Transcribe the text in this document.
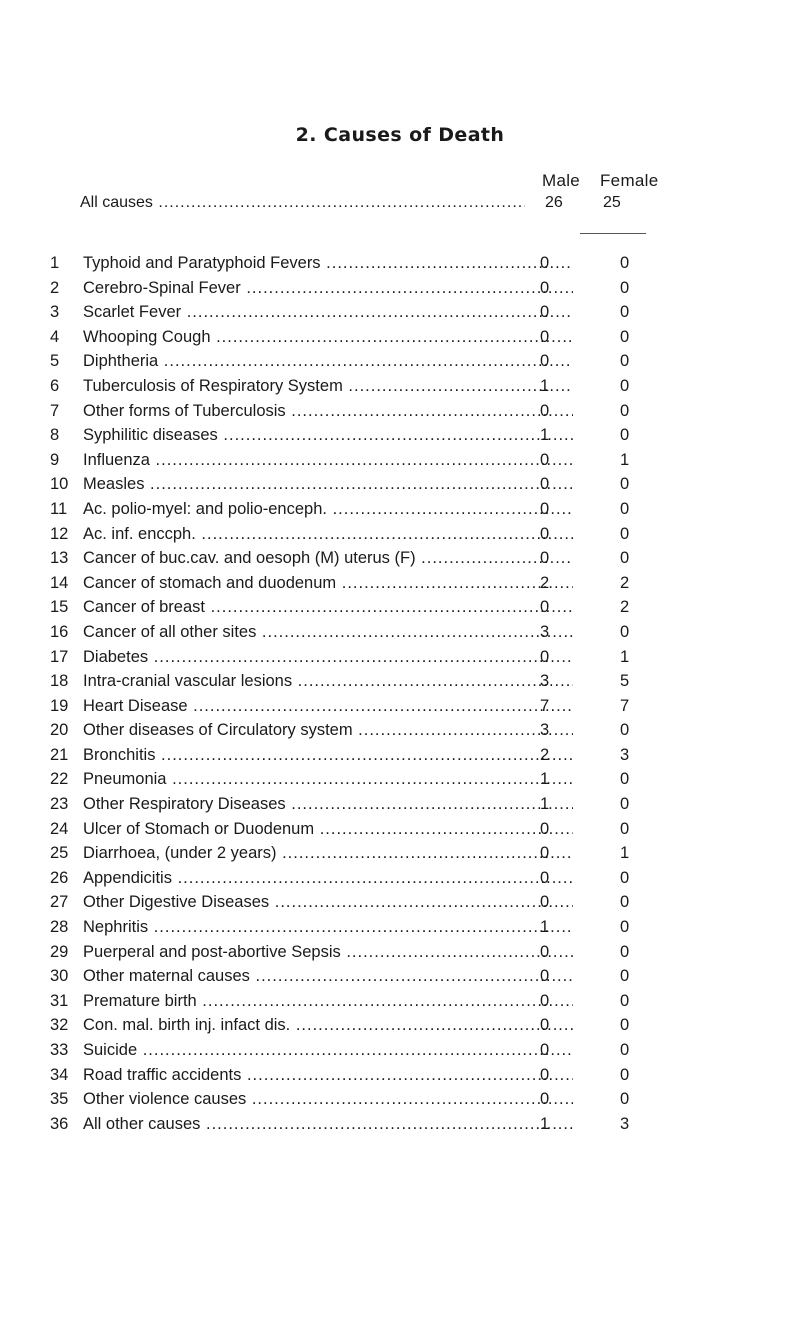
2. Causes of Death
Male Female
All causes .....	26	25
1	Typhoid and Paratyphoid Fevers .....	0	0
2	Cerebro-Spinal Fever .....	0	0
3	Scarlet Fever .....	0	0
4	Whooping Cough .....	0	0
5	Diphtheria .....	0	0
6	Tuberculosis of Respiratory System .....	1	0
7	Other forms of Tuberculosis .....	0	0
8	Syphilitic diseases .....	1	0
9	Influenza .....	0	1
10 Measles .....	0	0
11 Ac. polio-myel: and polio-enceph. .....	0	0
12 Ac. inf. enccph. .....	0	0
13 Cancer of buc.cav. and oesoph (M) uterus (F) .....	0	0
14 Cancer of stomach and duodenum .....	2	2
15 Cancer of breast .....	0	2
16 Cancer of all other sites .....	3	0
17 Diabetes .....	0	1
18 Intra-cranial vascular lesions .....	3	5
19 Heart Disease .....	7	7
20 Other diseases of Circulatory system .....	3	0
21 Bronchitis .....	2	3
22 Pneumonia .....	1	0
23 Other Respiratory Diseases .....	1	0
24 Ulcer of Stomach or Duodenum .....	0	0
25 Diarrhoea, (under 2 years) .....	0	1
26 Appendicitis .....	0	0
27 Other Digestive Diseases .....	0	0
28 Nephritis .....	1	0
29 Puerperal and post-abortive Sepsis .....	0	0
30 Other maternal causes .....	0	0
31 Premature birth .....	0	0
32 Con. mal. birth inj. infact dis. .....	0	0
33 Suicide .....	0	0
34 Road traffic accidents .....	0	0
35 Other violence causes .....	0	0
36 All other causes .....	1	3
